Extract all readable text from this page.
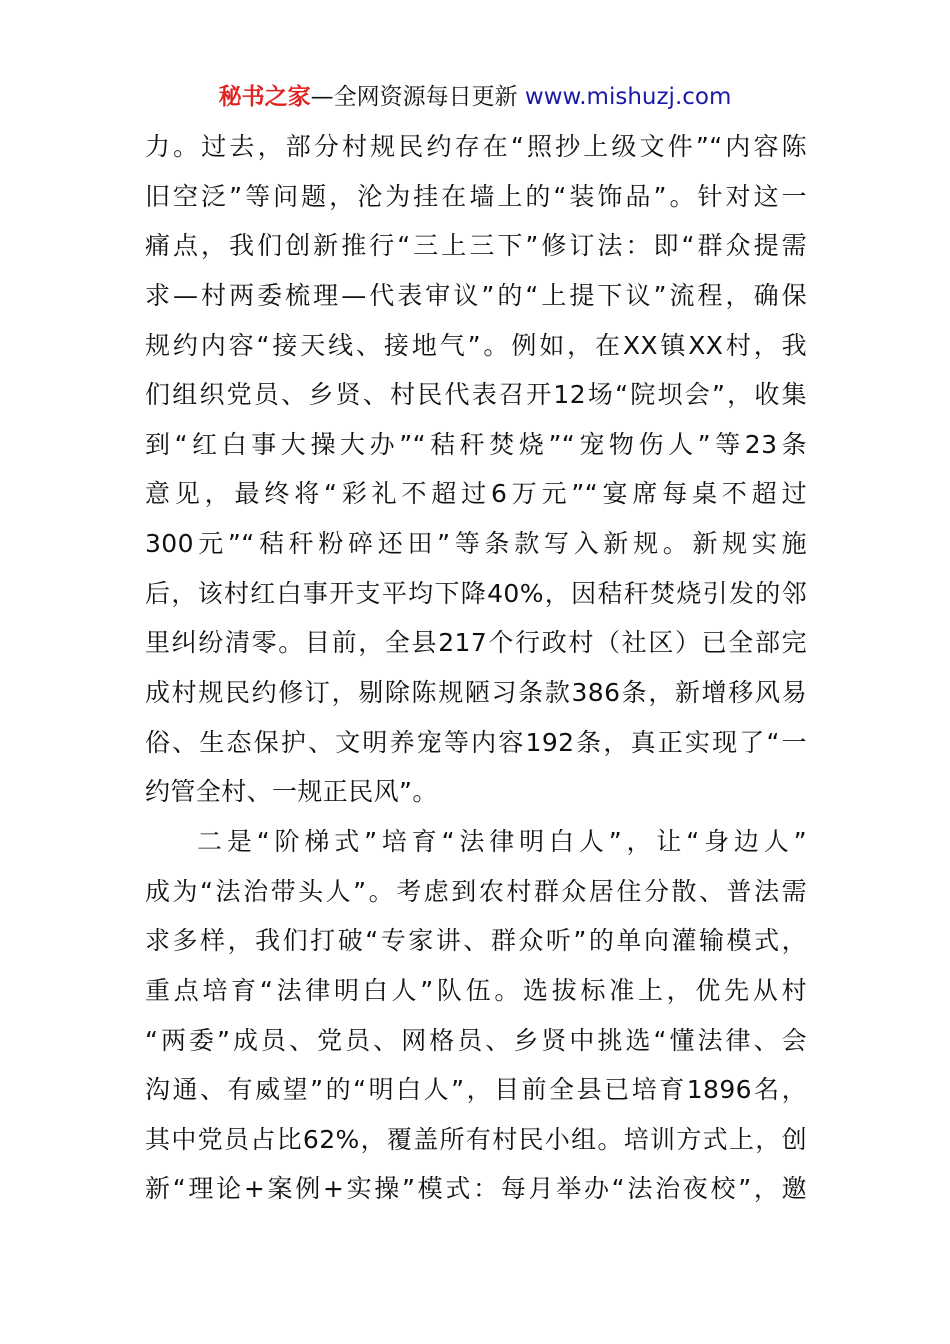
秘书之家—全网资源每日更新 www.mishuzj.com
力。过去，部分村规民约存在“照抄上级文件”“内容陈
旧空泛”等问题，沦为挂在墙上的“装饰品”。针对这一
痛点，我们创新推行“三上三下”修订法：即“群众提需
求—村两委梳理—代表审议”的“上提下议”流程，确保
规约内容“接天线、接地气”。例如，在XX镇XX村，我
们组织党员、乡贤、村民代表召开12场“院坝会”，收集
到“红白事大操大办”“秸秆焚烧”“宠物伤人”等23条
意见，最终将“彩礼不超过6万元”“宴席每桌不超过
300元”“秸秆粉碎还田”等条款写入新规。新规实施
后，该村红白事开支平均下降40%，因秸秆焚烧引发的邻
里纠纷清零。目前，全县217个行政村（社区）已全部完
成村规民约修订，剔除陈规陋习条款386条，新增移风易
俗、生态保护、文明养宠等内容192条，真正实现了“一
约管全村、一规正民风”。
二是“阶梯式”培育“法律明白人”，让“身边人”
成为“法治带头人”。考虑到农村群众居住分散、普法需
求多样，我们打破“专家讲、群众听”的单向灌输模式，
重点培育“法律明白人”队伍。选拔标准上，优先从村
“两委”成员、党员、网格员、乡贤中挑选“懂法律、会
沟通、有威望”的“明白人”，目前全县已培育1896名，
其中党员占比62%，覆盖所有村民小组。培训方式上，创
新“理论+案例+实操”模式：每月举办“法治夜校”，邀
